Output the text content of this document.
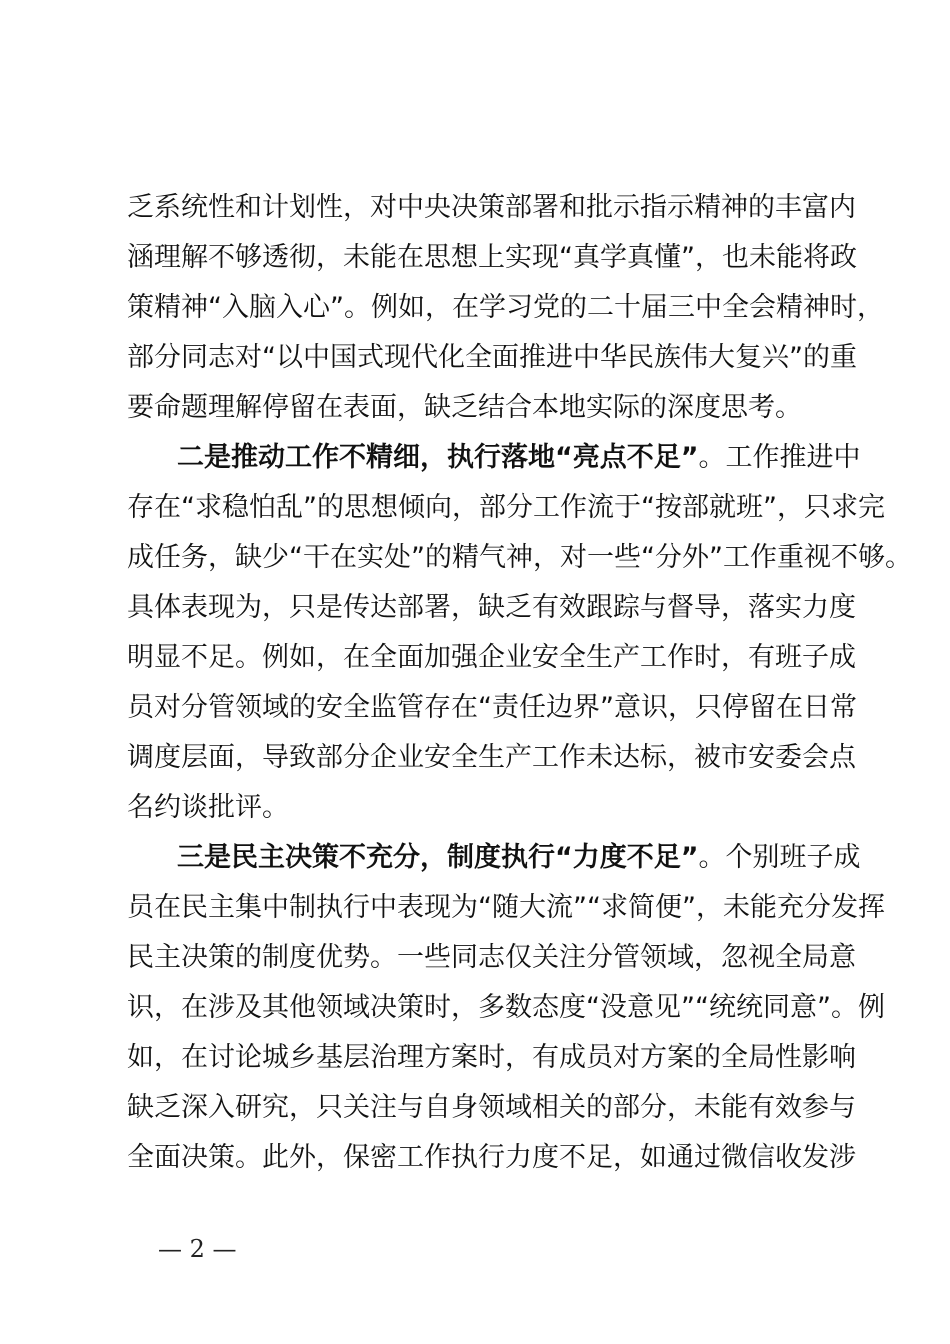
乏系统性和计划性，对中央决策部署和批示指示精神的丰富内
涵理解不够透彻，未能在思想上实现“真学真懂”，也未能将政
策精神“入脑入心”。例如，在学习党的二十届三中全会精神时，
部分同志对“以中国式现代化全面推进中华民族伟大复兴”的重
要命题理解停留在表面，缺乏结合本地实际的深度思考。
二是推动工作不精细，执行落地“亮点不足”。工作推进中
存在“求稳怕乱”的思想倾向，部分工作流于“按部就班”，只求完
成任务，缺少“干在实处”的精气神，对一些“分外”工作重视不够。
具体表现为，只是传达部署，缺乏有效跟踪与督导，落实力度
明显不足。例如，在全面加强企业安全生产工作时，有班子成
员对分管领域的安全监管存在“责任边界”意识，只停留在日常
调度层面，导致部分企业安全生产工作未达标，被市安委会点
名约谈批评。
三是民主决策不充分，制度执行“力度不足”。个别班子成
员在民主集中制执行中表现为“随大流”“求简便”，未能充分发挥
民主决策的制度优势。一些同志仅关注分管领域，忽视全局意
识，在涉及其他领域决策时，多数态度“没意见”“统统同意”。例
如，在讨论城乡基层治理方案时，有成员对方案的全局性影响
缺乏深入研究，只关注与自身领域相关的部分，未能有效参与
全面决策。此外，保密工作执行力度不足，如通过微信收发涉
— 2 —
